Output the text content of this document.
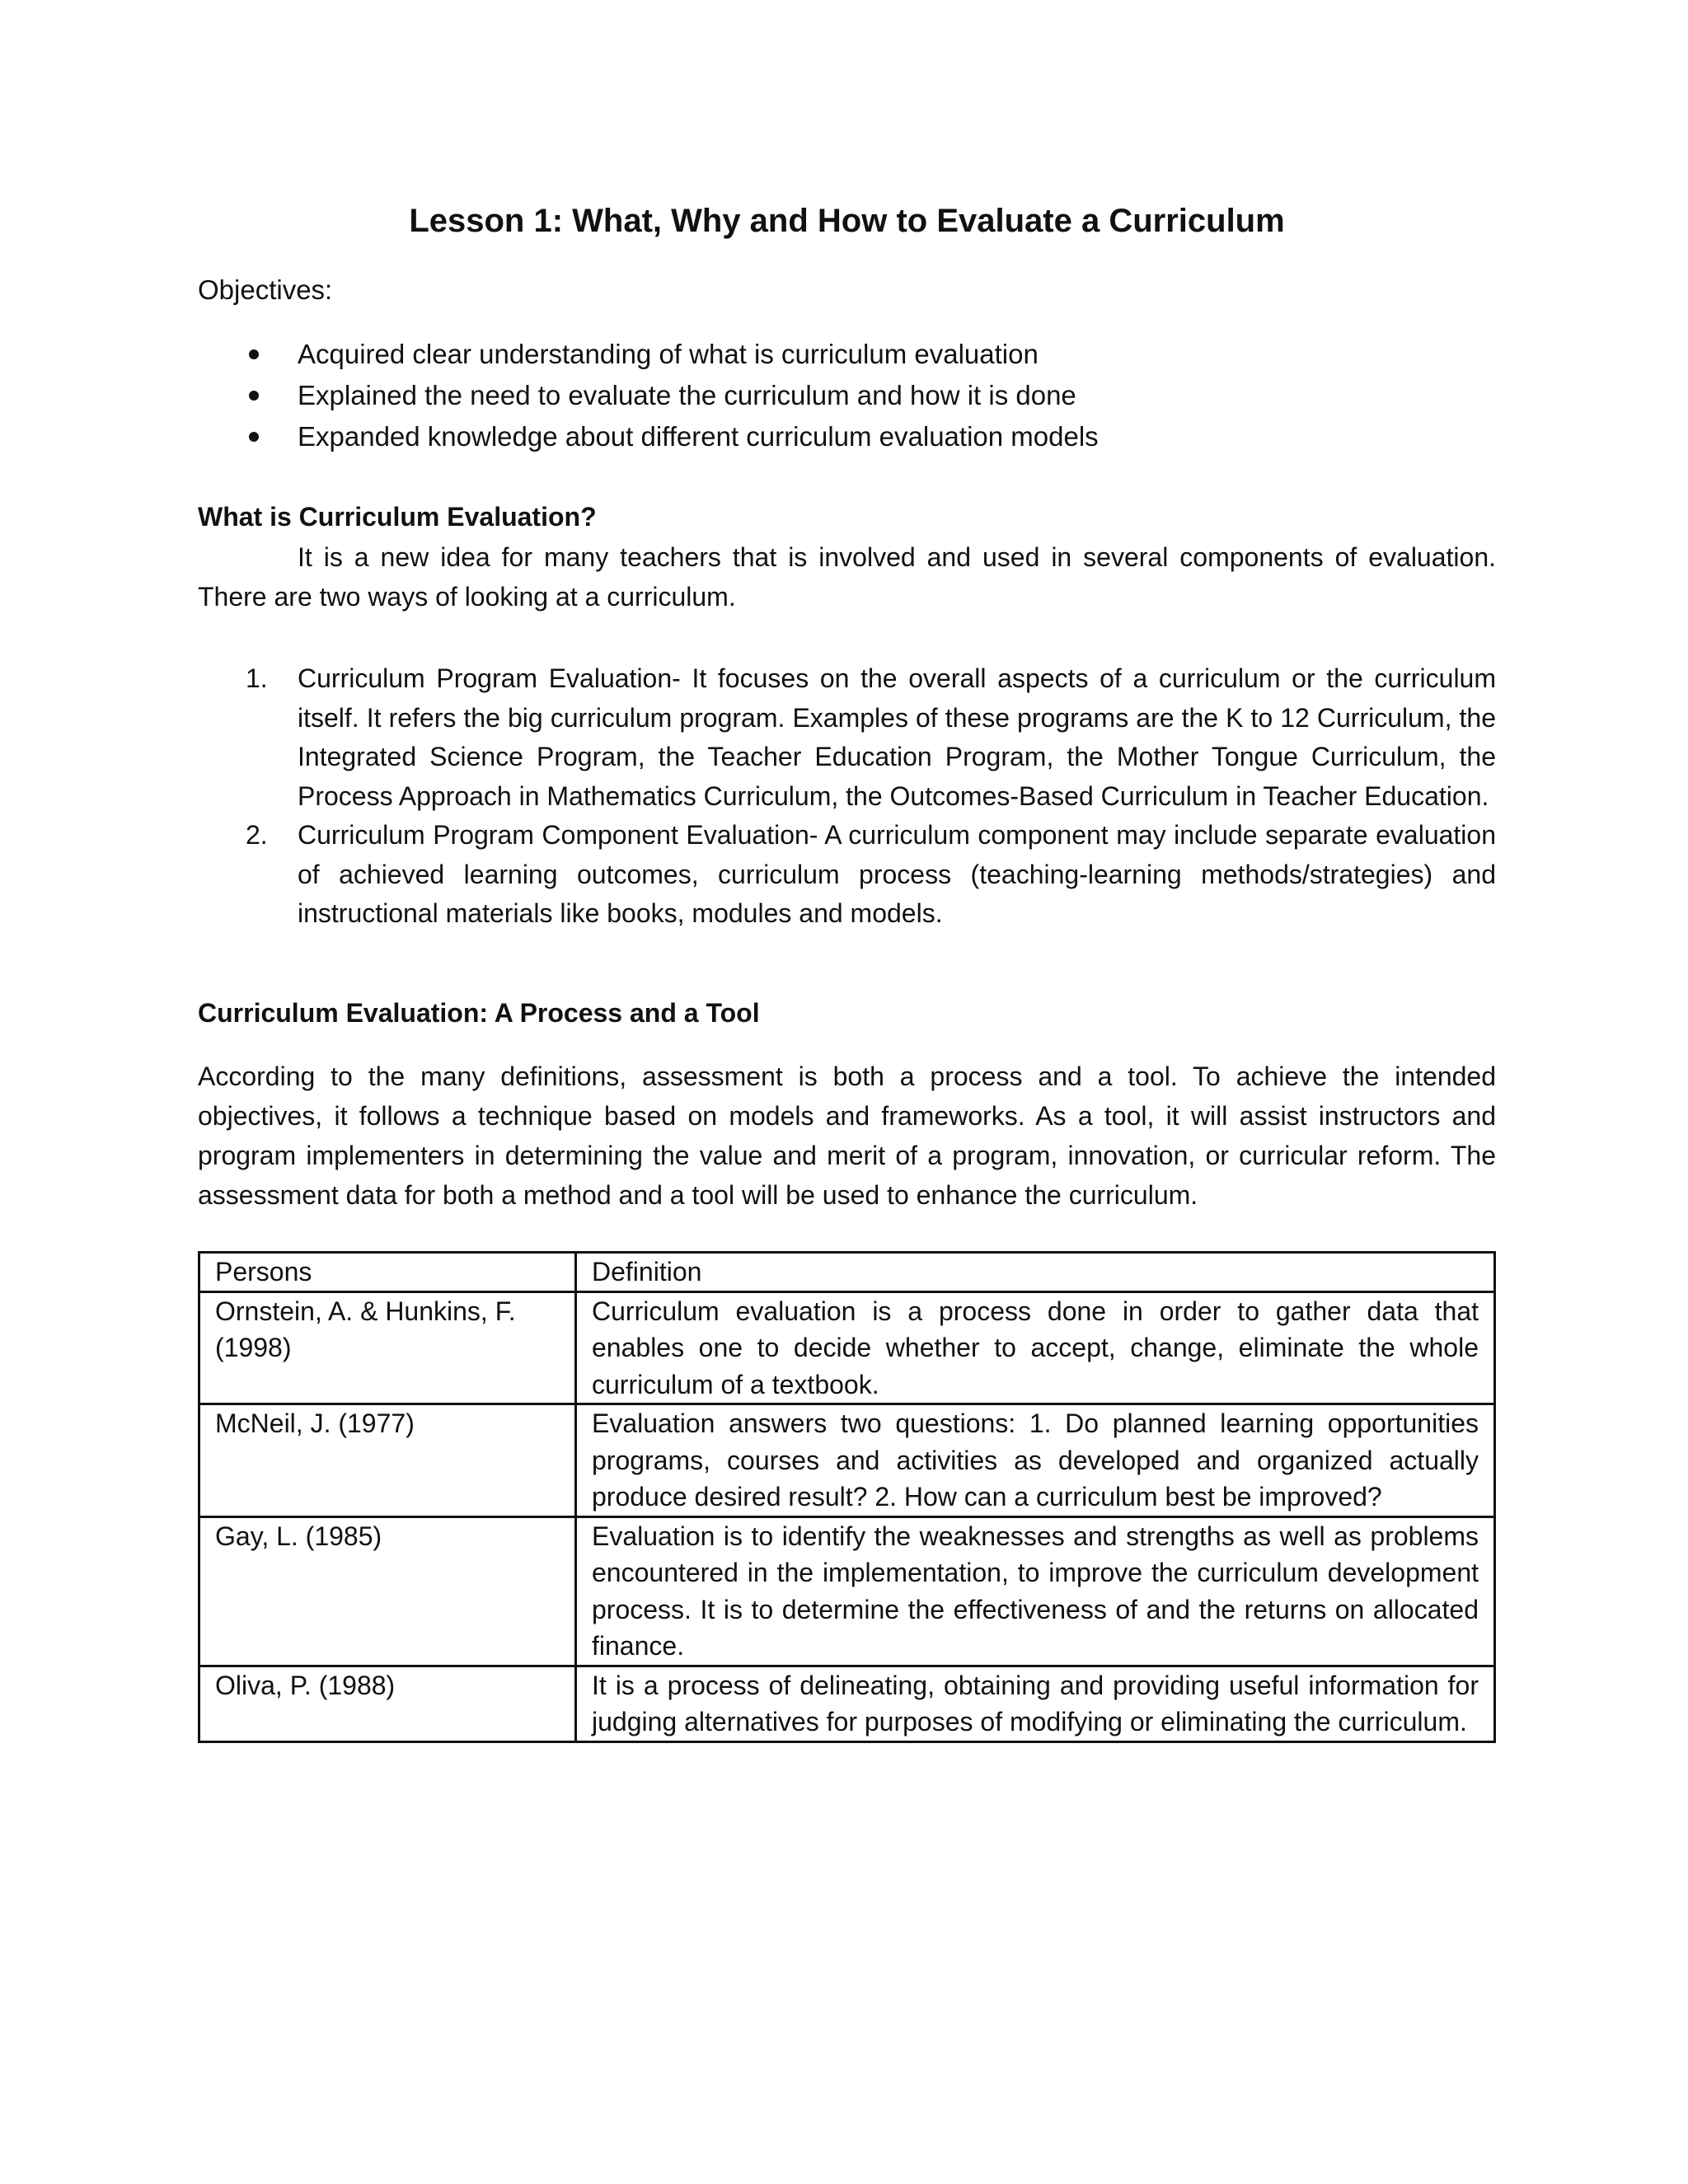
Lesson 1: What, Why and How to Evaluate a Curriculum
Objectives:
Acquired clear understanding of what is curriculum evaluation
Explained the need to evaluate the curriculum and how it is done
Expanded knowledge about different curriculum evaluation models
What is Curriculum Evaluation?
It is a new idea for many teachers that is involved and used in several components of evaluation. There are two ways of looking at a curriculum.
1. Curriculum Program Evaluation- It focuses on the overall aspects of a curriculum or the curriculum itself. It refers the big curriculum program. Examples of these programs are the K to 12 Curriculum, the Integrated Science Program, the Teacher Education Program, the Mother Tongue Curriculum, the Process Approach in Mathematics Curriculum, the Outcomes-Based Curriculum in Teacher Education.
2. Curriculum Program Component Evaluation- A curriculum component may include separate evaluation of achieved learning outcomes, curriculum process (teaching-learning methods/strategies) and instructional materials like books, modules and models.
Curriculum Evaluation: A Process and a Tool
According to the many definitions, assessment is both a process and a tool. To achieve the intended objectives, it follows a technique based on models and frameworks. As a tool, it will assist instructors and program implementers in determining the value and merit of a program, innovation, or curricular reform. The assessment data for both a method and a tool will be used to enhance the curriculum.
Persons	Definition
Ornstein, A. & Hunkins, F. (1998)	Curriculum evaluation is a process done in order to gather data that enables one to decide whether to accept, change, eliminate the whole curriculum of a textbook.
McNeil, J. (1977)	Evaluation answers two questions: 1. Do planned learning opportunities programs, courses and activities as developed and organized actually produce desired result? 2. How can a curriculum best be improved?
Gay, L. (1985)	Evaluation is to identify the weaknesses and strengths as well as problems encountered in the implementation, to improve the curriculum development process. It is to determine the effectiveness of and the returns on allocated finance.
Oliva, P. (1988)	It is a process of delineating, obtaining and providing useful information for judging alternatives for purposes of modifying or eliminating the curriculum.
